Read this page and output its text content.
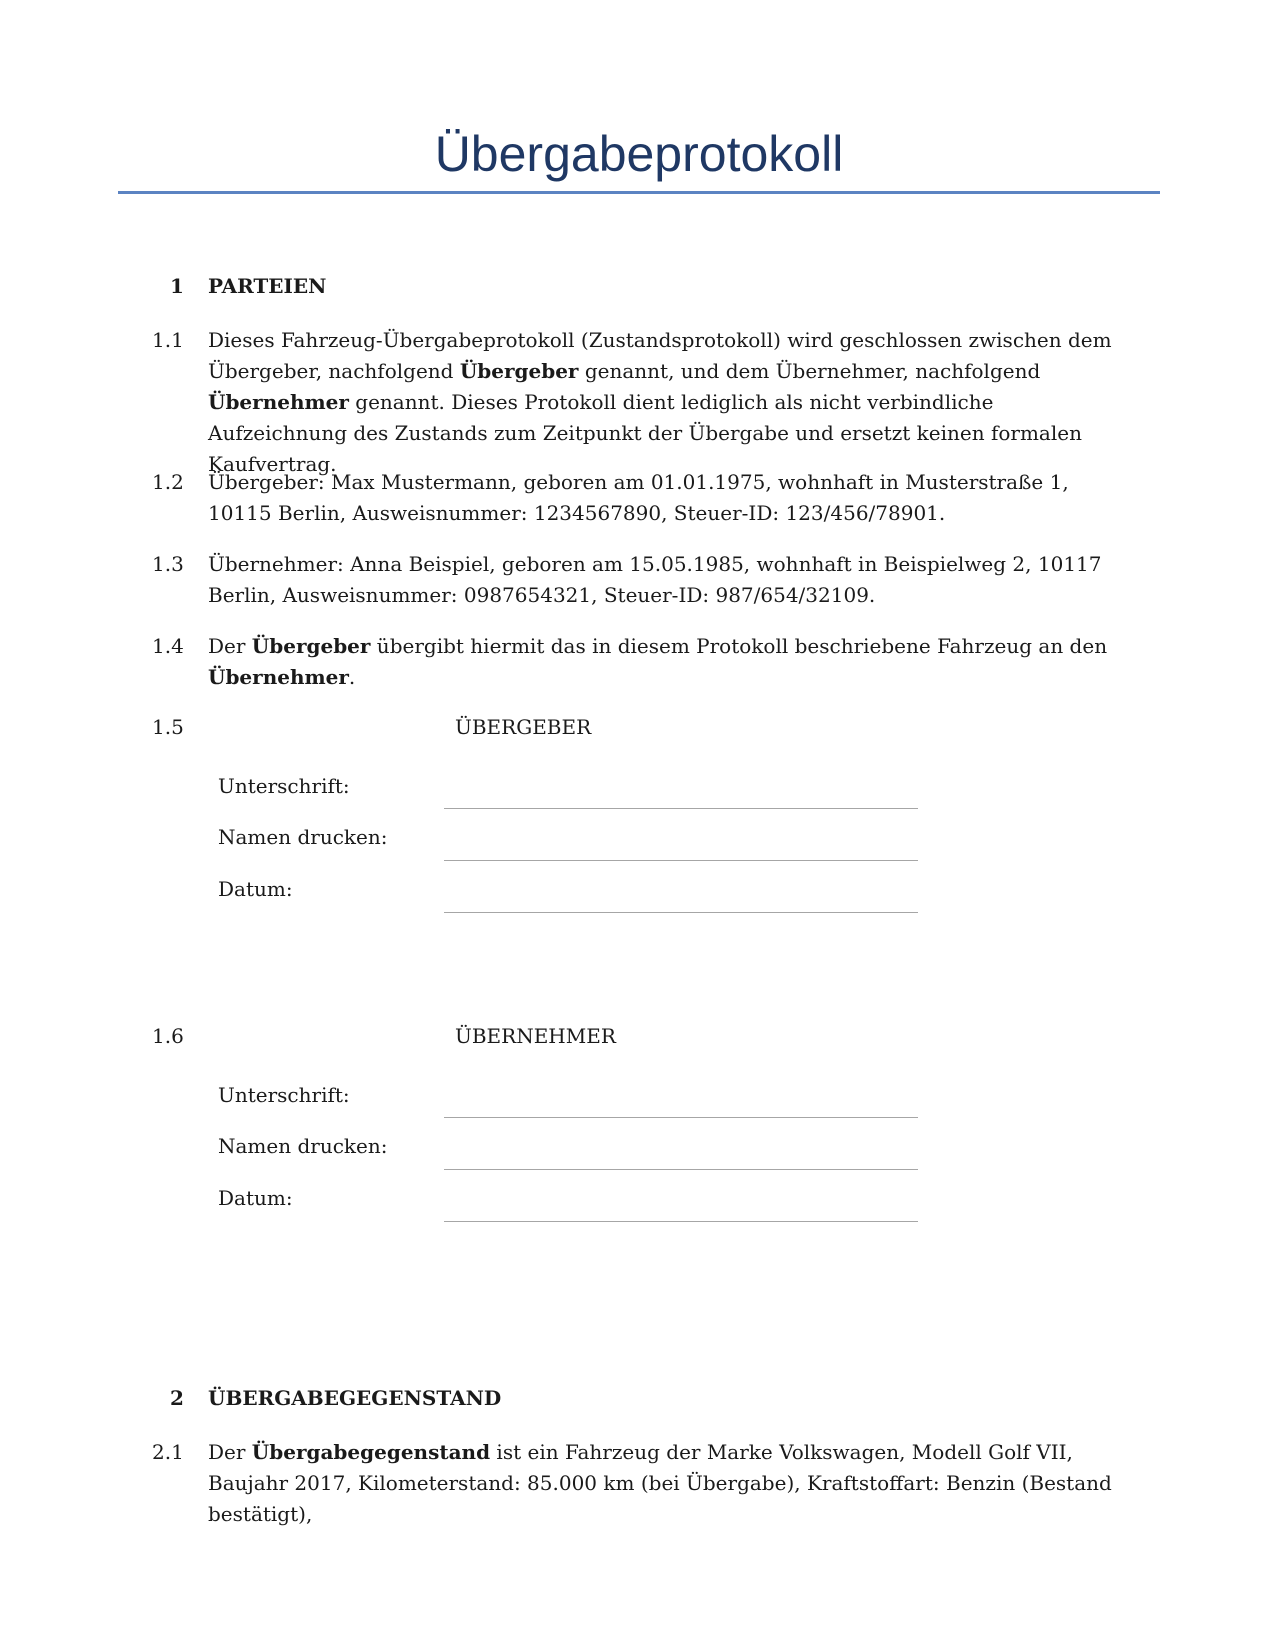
Übergabeprotokoll
1 PARTEIEN
1.1 Dieses Fahrzeug-Übergabeprotokoll (Zustandsprotokoll) wird geschlossen zwischen dem Übergeber, nachfolgend Übergeber genannt, und dem Übernehmer, nachfolgend Übernehmer genannt. Dieses Protokoll dient lediglich als nicht verbindliche Aufzeichnung des Zustands zum Zeitpunkt der Übergabe und ersetzt keinen formalen Kaufvertrag.

1.2 Übergeber: Max Mustermann, geboren am 01.01.1975, wohnhaft in Musterstraße 1, 10115 Berlin, Ausweisnummer: 1234567890, Steuer-ID: 123/456/78901.

1.3 Übernehmer: Anna Beispiel, geboren am 15.05.1985, wohnhaft in Beispielweg 2, 10117 Berlin, Ausweisnummer: 0987654321, Steuer-ID: 987/654/32109.

1.4 Der Übergeber übergibt hiermit das in diesem Protokoll beschriebene Fahrzeug an den Übernehmer.

1.5	ÜBERGEBER
Unterschrift:
Namen drucken:
Datum:
1.6	ÜBERNEHMER
Unterschrift:
Namen drucken:
Datum:
2 ÜBERGABEGEGENSTAND
2.1 Der Übergabegegenstand ist ein Fahrzeug der Marke Volkswagen, Modell Golf VII, Baujahr 2017, Kilometerstand: 85.000 km (bei Übergabe), Kraftstoffart: Benzin (Bestand bestätigt),
